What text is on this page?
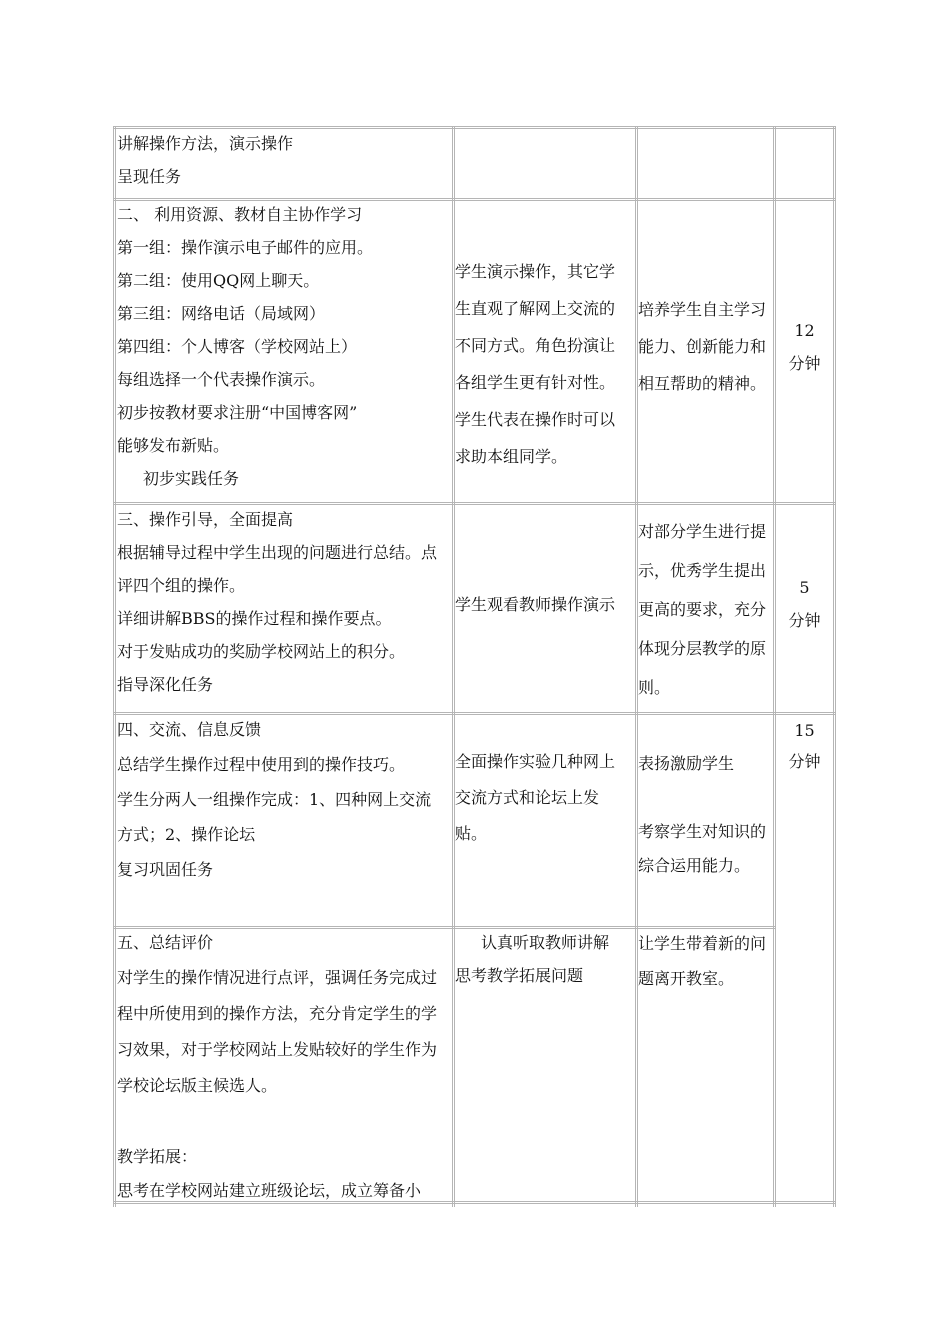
讲解操作方法，演示操作
呈现任务
二、 利用资源、教材自主协作学习
第一组：操作演示电子邮件的应用。
第二组：使用QQ网上聊天。
第三组：网络电话（局域网）
第四组：个人博客（学校网站上）
每组选择一个代表操作演示。
初步按教材要求注册“中国博客网”
能够发布新贴。
初步实践任务
学生演示操作，其它学
生直观了解网上交流的
不同方式。角色扮演让
各组学生更有针对性。
学生代表在操作时可以
求助本组同学。
培养学生自主学习
能力、创新能力和
相互帮助的精神。
12
分钟
三、操作引导，全面提高
根据辅导过程中学生出现的问题进行总结。点
评四个组的操作。
详细讲解BBS的操作过程和操作要点。
对于发贴成功的奖励学校网站上的积分。
指导深化任务
学生观看教师操作演示
对部分学生进行提
示，优秀学生提出
更高的要求，充分
体现分层教学的原
则。
5
分钟
四、交流、信息反馈
总结学生操作过程中使用到的操作技巧。
学生分两人一组操作完成：1、四种网上交流
方式；2、操作论坛
复习巩固任务
全面操作实验几种网上
交流方式和论坛上发
贴。
表扬激励学生
考察学生对知识的
综合运用能力。
15
分钟
五、总结评价
对学生的操作情况进行点评，强调任务完成过
程中所使用到的操作方法，充分肯定学生的学
习效果，对于学校网站上发贴较好的学生作为
学校论坛版主候选人。
教学拓展：
思考在学校网站建立班级论坛，成立筹备小
认真听取教师讲解
思考教学拓展问题
让学生带着新的问
题离开教室。
